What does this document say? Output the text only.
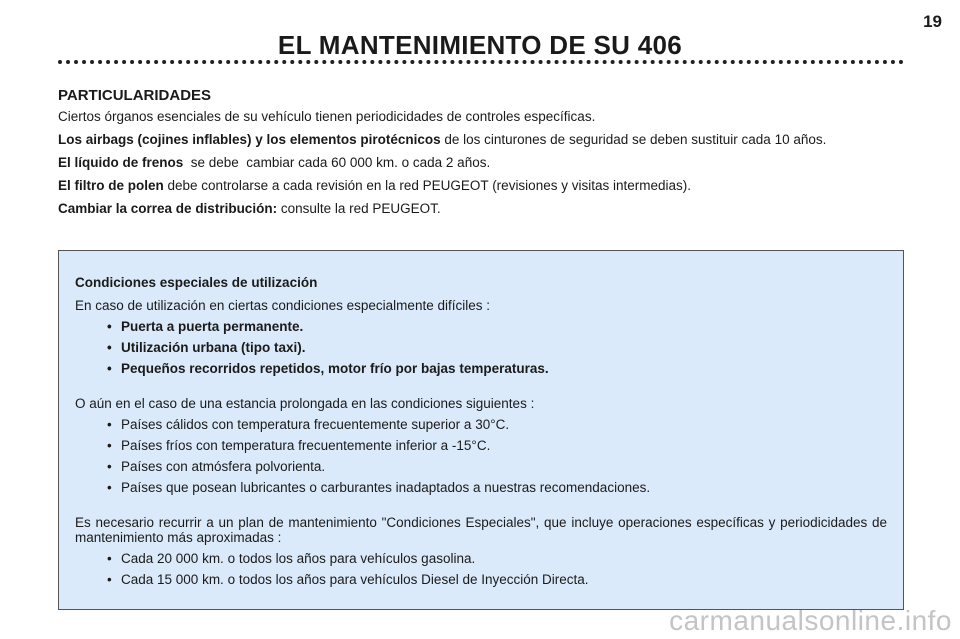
19
EL MANTENIMIENTO DE SU 406
PARTICULARIDADES

Ciertos órganos esenciales de su vehículo tienen periodicidades de controles específicas.

Los airbags (cojines inflables) y los elementos pirotécnicos de los cinturones de seguridad se deben sustituir cada 10 años.

El líquido de frenos  se debe  cambiar cada 60 000 km. o cada 2 años.

El filtro de polen debe controlarse a cada revisión en la red PEUGEOT (revisiones y visitas intermedias).

Cambiar la correa de distribución: consulte la red PEUGEOT.

Condiciones especiales de utilización
En caso de utilización en ciertas condiciones especialmente difíciles :
• Puerta a puerta permanente.
• Utilización urbana (tipo taxi).
• Pequeños recorridos repetidos, motor frío por bajas temperaturas.
O aún en el caso de una estancia prolongada en las condiciones siguientes :
• Países cálidos con temperatura frecuentemente superior a 30°C.
• Países fríos con temperatura frecuentemente inferior a -15°C.
• Países con atmósfera polvorienta.
• Países que posean lubricantes o carburantes inadaptados a nuestras recomendaciones.
Es necesario recurrir a un plan de mantenimiento "Condiciones Especiales", que incluye operaciones específicas y periodicidades de mantenimiento más aproximadas :
• Cada 20 000 km. o todos los años para vehículos gasolina.
• Cada 15 000 km. o todos los años para vehículos Diesel de Inyección Directa.
carmanualsonline.info
